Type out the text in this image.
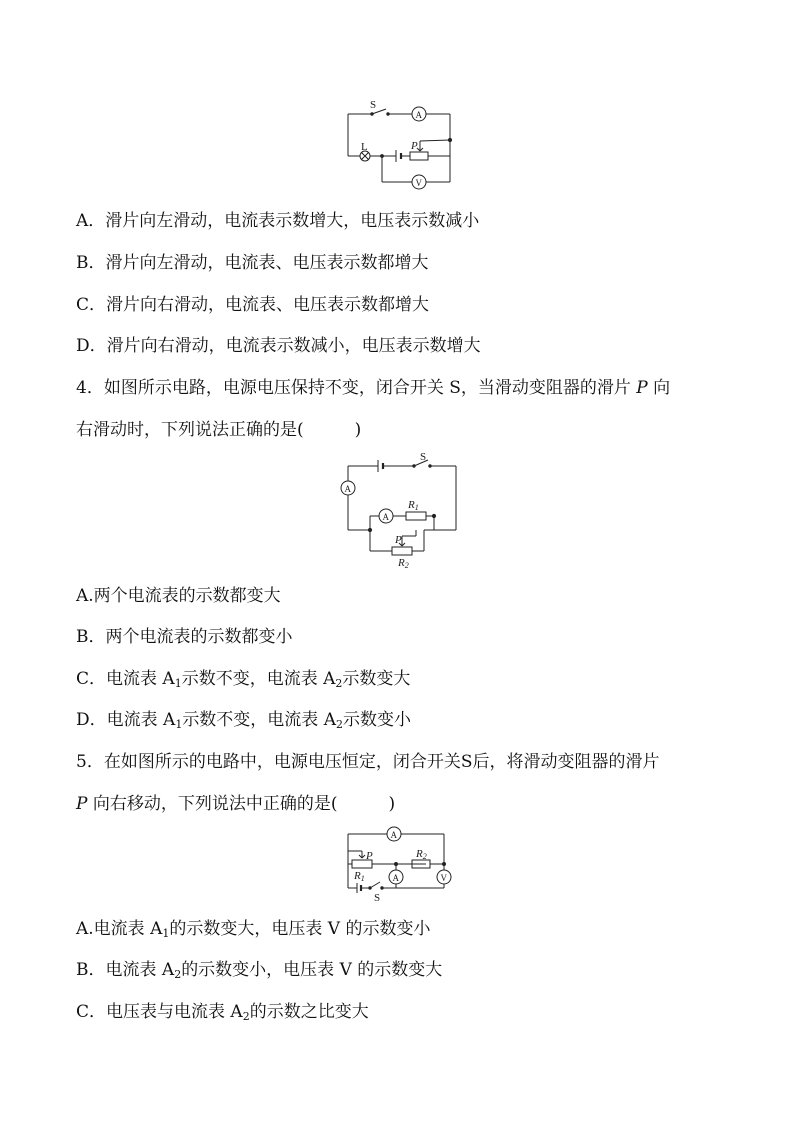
S
L	P
A
V
A．滑片向左滑动，电流表示数增大，电压表示数减小
B．滑片向左滑动，电流表、电压表示数都增大
C．滑片向右滑动，电流表、电压表示数都增大
D．滑片向右滑动，电流表示数减小，电压表示数增大
4．如图所示电路，电源电压保持不变，闭合开关 S，当滑动变阻器的滑片 P 向
右滑动时，下列说法正确的是(　　　)
S
R1
P
R2
A
A
A.两个电流表的示数都变大
B．两个电流表的示数都变小
C．电流表 $A_1$示数不变，电流表 $A_2$示数变大
D．电流表 $A_1$示数不变，电流表 $A_2$示数变小
5．在如图所示的电路中，电源电压恒定，闭合开关S后，将滑动变阻器的滑片
P 向右移动，下列说法中正确的是(　　　)
P
R1
R2
S
A
A	V
A.电流表 $A_1$的示数变大，电压表 V 的示数变小
B．电流表 $A_2$的示数变小，电压表 V 的示数变大
C．电压表与电流表 $A_2$的示数之比变大
